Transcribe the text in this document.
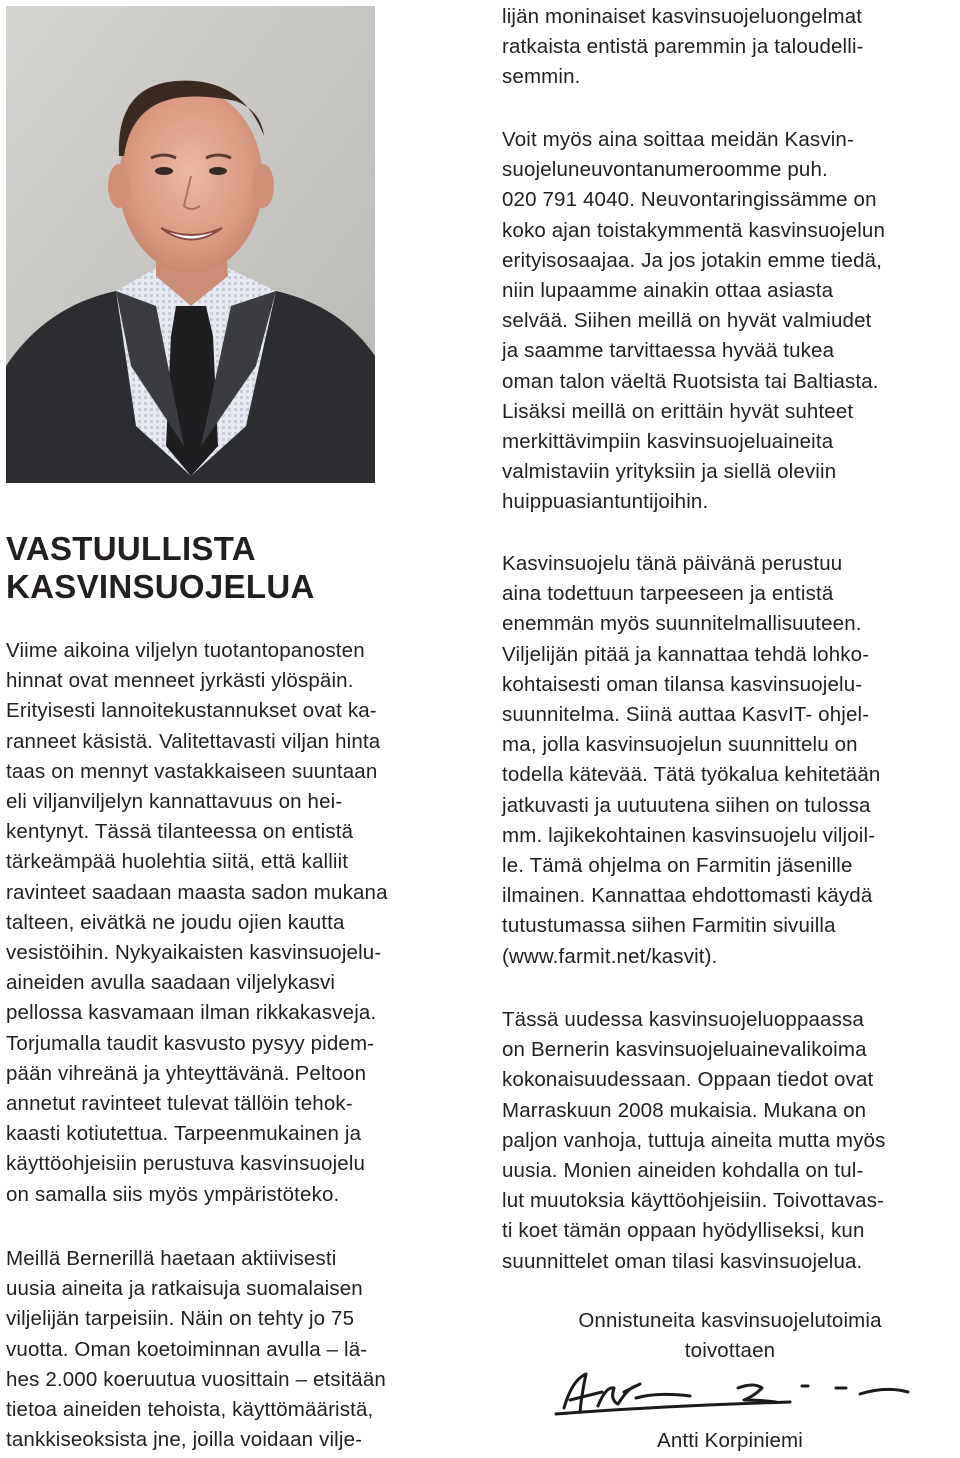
VASTUULLISTA
KASVINSUOJELUA

Viime aikoina viljelyn tuotantopanosten
hinnat ovat menneet jyrkästi ylöspäin.
Erityisesti lannoitekustannukset ovat ka-
ranneet käsistä. Valitettavasti viljan hinta
taas on mennyt vastakkaiseen suuntaan
eli viljanviljelyn kannattavuus on hei-
kentynyt. Tässä tilanteessa on entistä
tärkeämpää huolehtia siitä, että kalliit
ravinteet saadaan maasta sadon mukana
talteen, eivätkä ne joudu ojien kautta
vesistöihin. Nykyaikaisten kasvinsuojelu-
aineiden avulla saadaan viljelykasvi
pellossa kasvamaan ilman rikkakasveja.
Torjumalla taudit kasvusto pysyy pidem-
pään vihreänä ja yhteyttävänä. Peltoon
annetut ravinteet tulevat tällöin tehok-
kaasti kotiutettua. Tarpeenmukainen ja
käyttöohjeisiin perustuva kasvinsuojelu
on samalla siis myös ympäristöteko.

Meillä Bernerillä haetaan aktiivisesti
uusia aineita ja ratkaisuja suomalaisen
viljelijän tarpeisiin. Näin on tehty jo 75
vuotta. Oman koetoiminnan avulla – lä-
hes 2.000 koeruutua vuosittain – etsitään
tietoa aineiden tehoista, käyttömääristä,
tankkiseoksista jne, joilla voidaan vilje-

lijän moninaiset kasvinsuojeluongelmat
ratkaista entistä paremmin ja taloudelli-
semmin.

Voit myös aina soittaa meidän Kasvin-
suojeluneuvontanumeroomme puh.
020 791 4040. Neuvontaringissämme on
koko ajan toistakymmentä kasvinsuojelun
erityisosaajaa. Ja jos jotakin emme tiedä,
niin lupaamme ainakin ottaa asiasta
selvää. Siihen meillä on hyvät valmiudet
ja saamme tarvittaessa hyvää tukea
oman talon väeltä Ruotsista tai Baltiasta.
Lisäksi meillä on erittäin hyvät suhteet
merkittävimpiin kasvinsuojeluaineita
valmistaviin yrityksiin ja siellä oleviin
huippuasiantuntijoihin.

Kasvinsuojelu tänä päivänä perustuu
aina todettuun tarpeeseen ja entistä
enemmän myös suunnitelmallisuuteen.
Viljelijän pitää ja kannattaa tehdä lohko-
kohtaisesti oman tilansa kasvinsuojelu-
suunnitelma. Siinä auttaa KasvIT- ohjel-
ma, jolla kasvinsuojelun suunnittelu on
todella kätevää. Tätä työkalua kehitetään
jatkuvasti ja uutuutena siihen on tulossa
mm. lajikekohtainen kasvinsuojelu viljoil-
le. Tämä ohjelma on Farmitin jäsenille
ilmainen. Kannattaa ehdottomasti käydä
tutustumassa siihen Farmitin sivuilla
(www.farmit.net/kasvit).

Tässä uudessa kasvinsuojeluoppaassa
on Bernerin kasvinsuojeluainevalikoima
kokonaisuudessaan. Oppaan tiedot ovat
Marraskuun 2008 mukaisia. Mukana on
paljon vanhoja, tuttuja aineita mutta myös
uusia. Monien aineiden kohdalla on tul-
lut muutoksia käyttöohjeisiin. Toivottavas-
ti koet tämän oppaan hyödylliseksi, kun
suunnittelet oman tilasi kasvinsuojelua.

Onnistuneita kasvinsuojelutoimia
toivottaen

Antti Korpiniemi
